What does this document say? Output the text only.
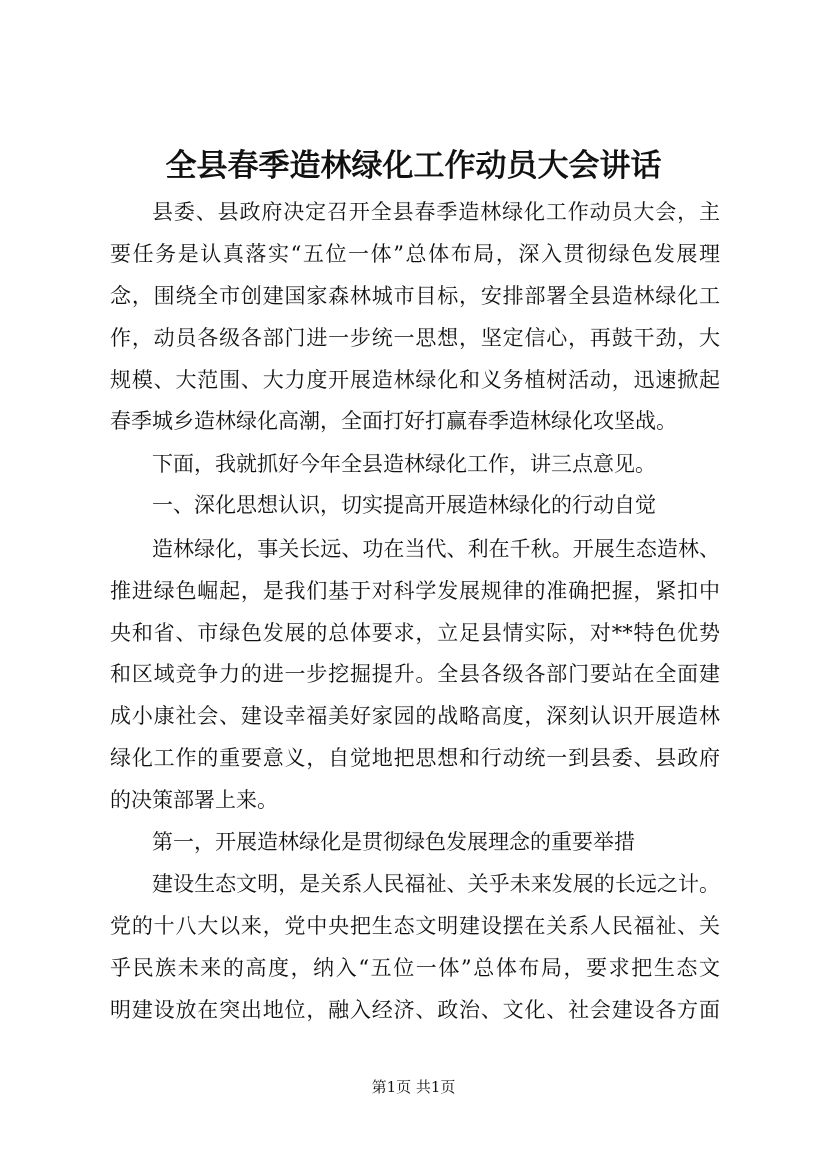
全县春季造林绿化工作动员大会讲话
县委、县政府决定召开全县春季造林绿化工作动员大会，主
要任务是认真落实“五位一体”总体布局，深入贯彻绿色发展理
念，围绕全市创建国家森林城市目标，安排部署全县造林绿化工
作，动员各级各部门进一步统一思想，坚定信心，再鼓干劲，大
规模、大范围、大力度开展造林绿化和义务植树活动，迅速掀起
春季城乡造林绿化高潮，全面打好打赢春季造林绿化攻坚战。
下面，我就抓好今年全县造林绿化工作，讲三点意见。
一、深化思想认识，切实提高开展造林绿化的行动自觉
造林绿化，事关长远、功在当代、利在千秋。开展生态造林、
推进绿色崛起，是我们基于对科学发展规律的准确把握，紧扣中
央和省、市绿色发展的总体要求，立足县情实际，对**特色优势
和区域竞争力的进一步挖掘提升。全县各级各部门要站在全面建
成小康社会、建设幸福美好家园的战略高度，深刻认识开展造林
绿化工作的重要意义，自觉地把思想和行动统一到县委、县政府
的决策部署上来。
第一，开展造林绿化是贯彻绿色发展理念的重要举措
建设生态文明，是关系人民福祉、关乎未来发展的长远之计。
党的十八大以来，党中央把生态文明建设摆在关系人民福祉、关
乎民族未来的高度，纳入“五位一体”总体布局，要求把生态文
明建设放在突出地位，融入经济、政治、文化、社会建设各方面
第1页 共1页
